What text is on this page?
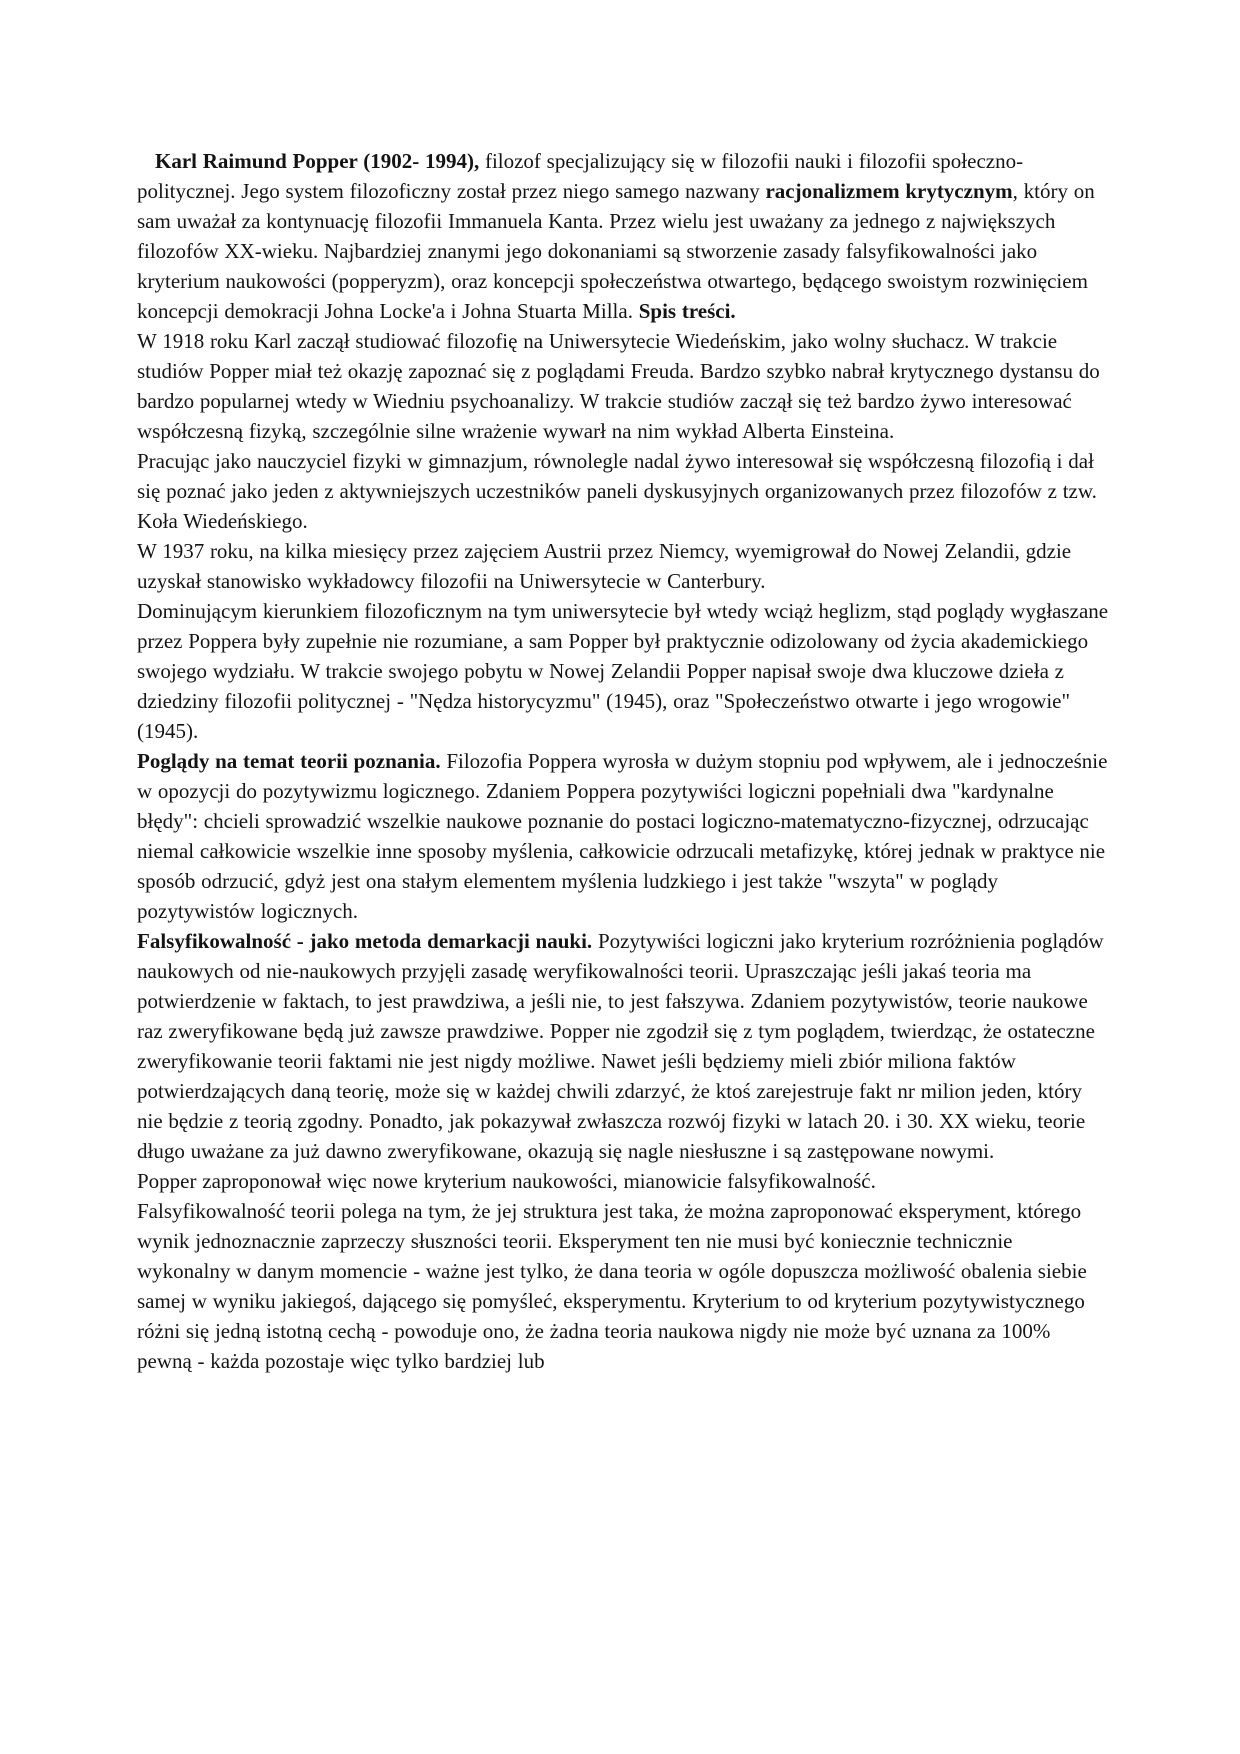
Karl Raimund Popper (1902- 1994), filozof specjalizujący się w filozofii nauki i filozofii społeczno-politycznej. Jego system filozoficzny został przez niego samego nazwany racjonalizmem krytycznym, który on sam uważał za kontynuację filozofii Immanuela Kanta. Przez wielu jest uważany za jednego z największych filozofów XX-wieku. Najbardziej znanymi jego dokonaniami są stworzenie zasady falsyfikowalności jako kryterium naukowości (popperyzm), oraz koncepcji społeczeństwa otwartego, będącego swoistym rozwinięciem koncepcji demokracji Johna Locke'a i Johna Stuarta Milla. Spis treści.

W 1918 roku Karl zaczął studiować filozofię na Uniwersytecie Wiedeńskim, jako wolny słuchacz. W trakcie studiów Popper miał też okazję zapoznać się z poglądami Freuda. Bardzo szybko nabrał krytycznego dystansu do bardzo popularnej wtedy w Wiedniu psychoanalizy. W trakcie studiów zaczął się też bardzo żywo interesować współczesną fizyką, szczególnie silne wrażenie wywarł na nim wykład Alberta Einsteina.

Pracując jako nauczyciel fizyki w gimnazjum, równolegle nadal żywo interesował się współczesną filozofią i dał się poznać jako jeden z aktywniejszych uczestników paneli dyskusyjnych organizowanych przez filozofów z tzw. Koła Wiedeńskiego.

W 1937 roku, na kilka miesięcy przez zajęciem Austrii przez Niemcy, wyemigrował do Nowej Zelandii, gdzie uzyskał stanowisko wykładowcy filozofii na Uniwersytecie w Canterbury.

Dominującym kierunkiem filozoficznym na tym uniwersytecie był wtedy wciąż heglizm, stąd poglądy wygłaszane przez Poppera były zupełnie nie rozumiane, a sam Popper był praktycznie odizolowany od życia akademickiego swojego wydziału. W trakcie swojego pobytu w Nowej Zelandii Popper napisał swoje dwa kluczowe dzieła z dziedziny filozofii politycznej - "Nędza historycyzmu" (1945), oraz "Społeczeństwo otwarte i jego wrogowie" (1945).

Poglądy na temat teorii poznania. Filozofia Poppera wyrosła w dużym stopniu pod wpływem, ale i jednocześnie w opozycji do pozytywizmu logicznego. Zdaniem Poppera pozytywiści logiczni popełniali dwa "kardynalne błędy": chcieli sprowadzić wszelkie naukowe poznanie do postaci logiczno-matematyczno-fizycznej, odrzucając niemal całkowicie wszelkie inne sposoby myślenia, całkowicie odrzucali metafizykę, której jednak w praktyce nie sposób odrzucić, gdyż jest ona stałym elementem myślenia ludzkiego i jest także "wszyta" w poglądy pozytywistów logicznych.

Falsyfikowalność - jako metoda demarkacji nauki. Pozytywiści logiczni jako kryterium rozróżnienia poglądów naukowych od nie-naukowych przyjęli zasadę weryfikowalności teorii. Upraszczając jeśli jakaś teoria ma potwierdzenie w faktach, to jest prawdziwa, a jeśli nie, to jest fałszywa. Zdaniem pozytywistów, teorie naukowe raz zweryfikowane będą już zawsze prawdziwe. Popper nie zgodził się z tym poglądem, twierdząc, że ostateczne zweryfikowanie teorii faktami nie jest nigdy możliwe. Nawet jeśli będziemy mieli zbiór miliona faktów potwierdzających daną teorię, może się w każdej chwili zdarzyć, że ktoś zarejestruje fakt nr milion jeden, który nie będzie z teorią zgodny. Ponadto, jak pokazywał zwłaszcza rozwój fizyki w latach 20. i 30. XX wieku, teorie długo uważane za już dawno zweryfikowane, okazują się nagle niesłuszne i są zastępowane nowymi.

Popper zaproponował więc nowe kryterium naukowości, mianowicie falsyfikowalność.

Falsyfikowalność teorii polega na tym, że jej struktura jest taka, że można zaproponować eksperyment, którego wynik jednoznacznie zaprzeczy słuszności teorii. Eksperyment ten nie musi być koniecznie technicznie wykonalny w danym momencie - ważne jest tylko, że dana teoria w ogóle dopuszcza możliwość obalenia siebie samej w wyniku jakiegoś, dającego się pomyśleć, eksperymentu. Kryterium to od kryterium pozytywistycznego różni się jedną istotną cechą - powoduje ono, że żadna teoria naukowa nigdy nie może być uznana za 100% pewną - każda pozostaje więc tylko bardziej lub
